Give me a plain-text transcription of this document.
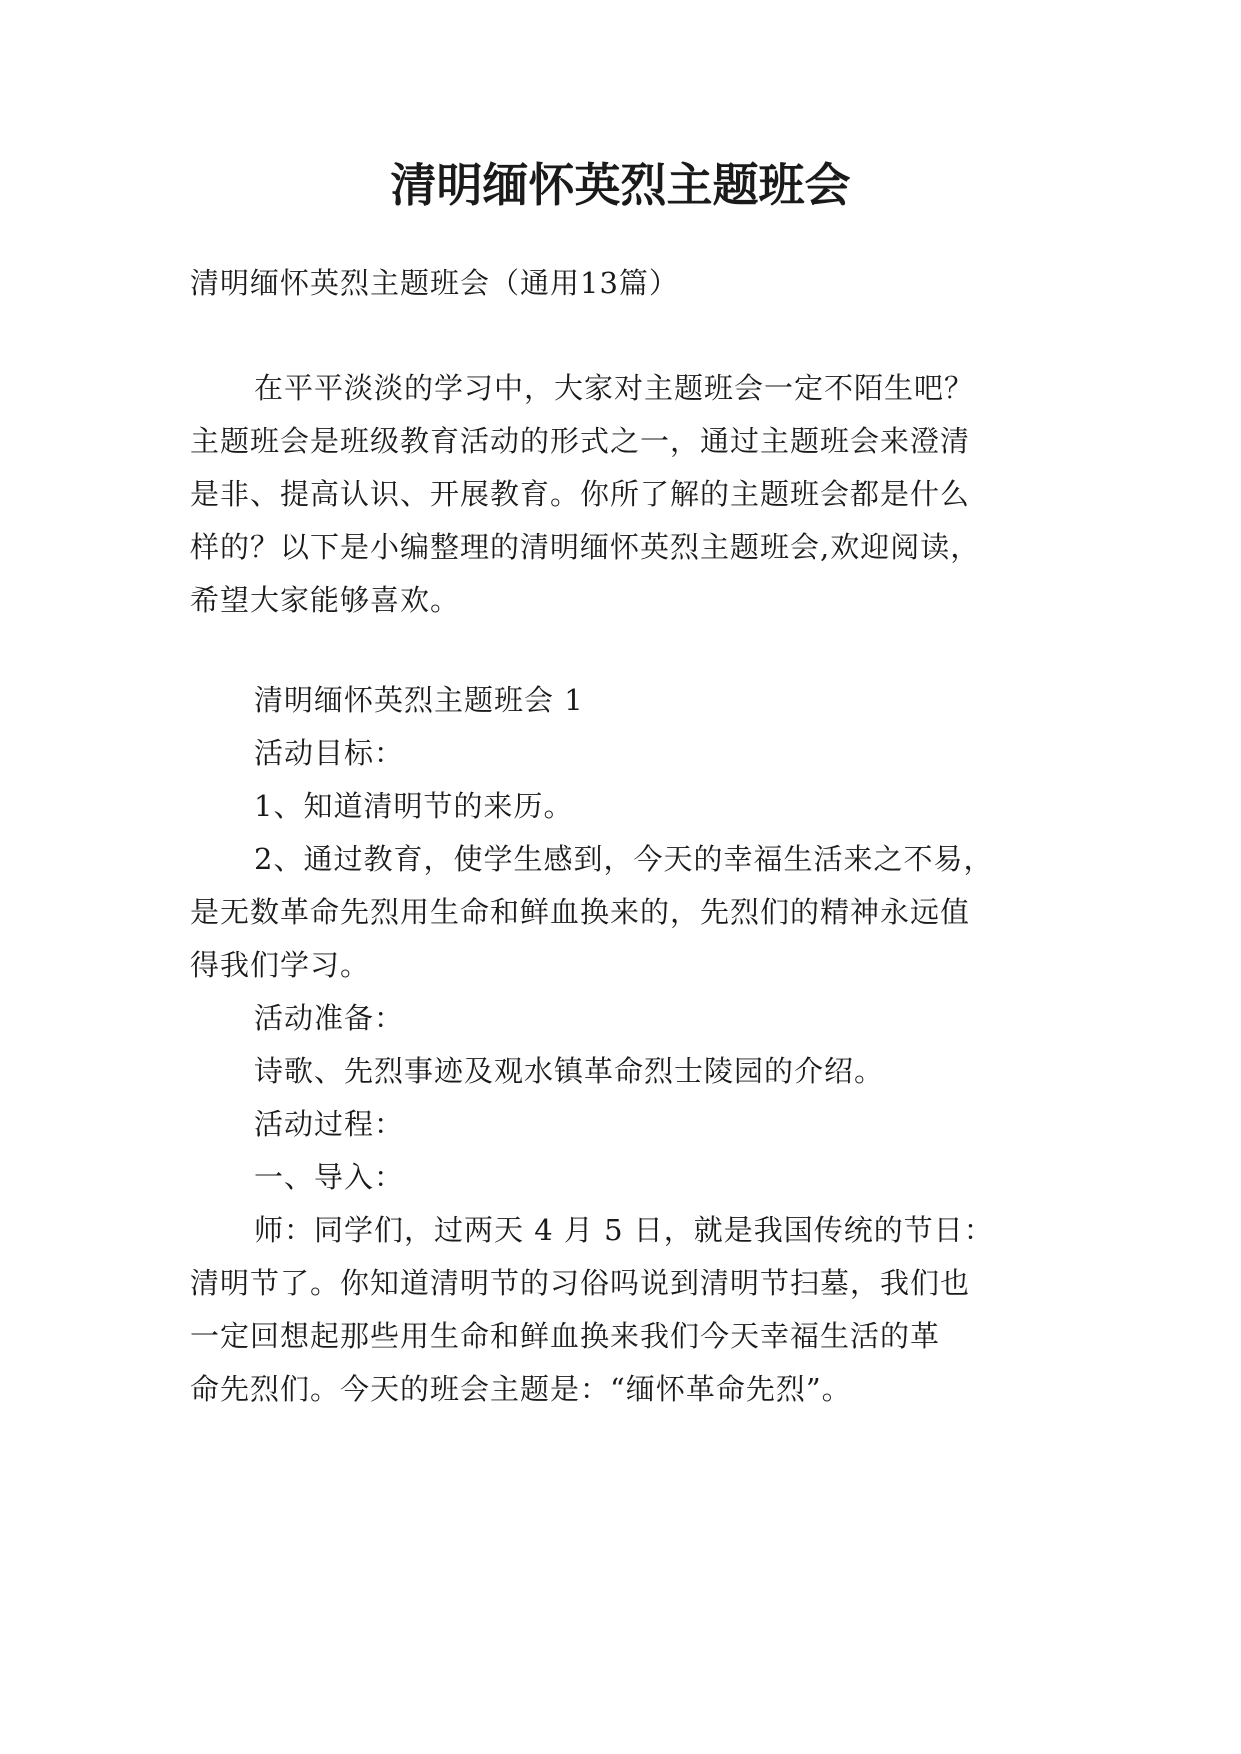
清明缅怀英烈主题班会
清明缅怀英烈主题班会（通用13篇）
在平平淡淡的学习中，大家对主题班会一定不陌生吧？
主题班会是班级教育活动的形式之一，通过主题班会来澄清
是非、提高认识、开展教育。你所了解的主题班会都是什么
样的？以下是小编整理的清明缅怀英烈主题班会,欢迎阅读，
希望大家能够喜欢。
清明缅怀英烈主题班会 1
活动目标：
1、知道清明节的来历。
2、通过教育，使学生感到，今天的幸福生活来之不易，
是无数革命先烈用生命和鲜血换来的，先烈们的精神永远值
得我们学习。
活动准备：
诗歌、先烈事迹及观水镇革命烈士陵园的介绍。
活动过程：
一、导入：
师：同学们，过两天 4 月 5 日，就是我国传统的节日：
清明节了。你知道清明节的习俗吗说到清明节扫墓，我们也
一定回想起那些用生命和鲜血换来我们今天幸福生活的革
命先烈们。今天的班会主题是：“缅怀革命先烈”。
